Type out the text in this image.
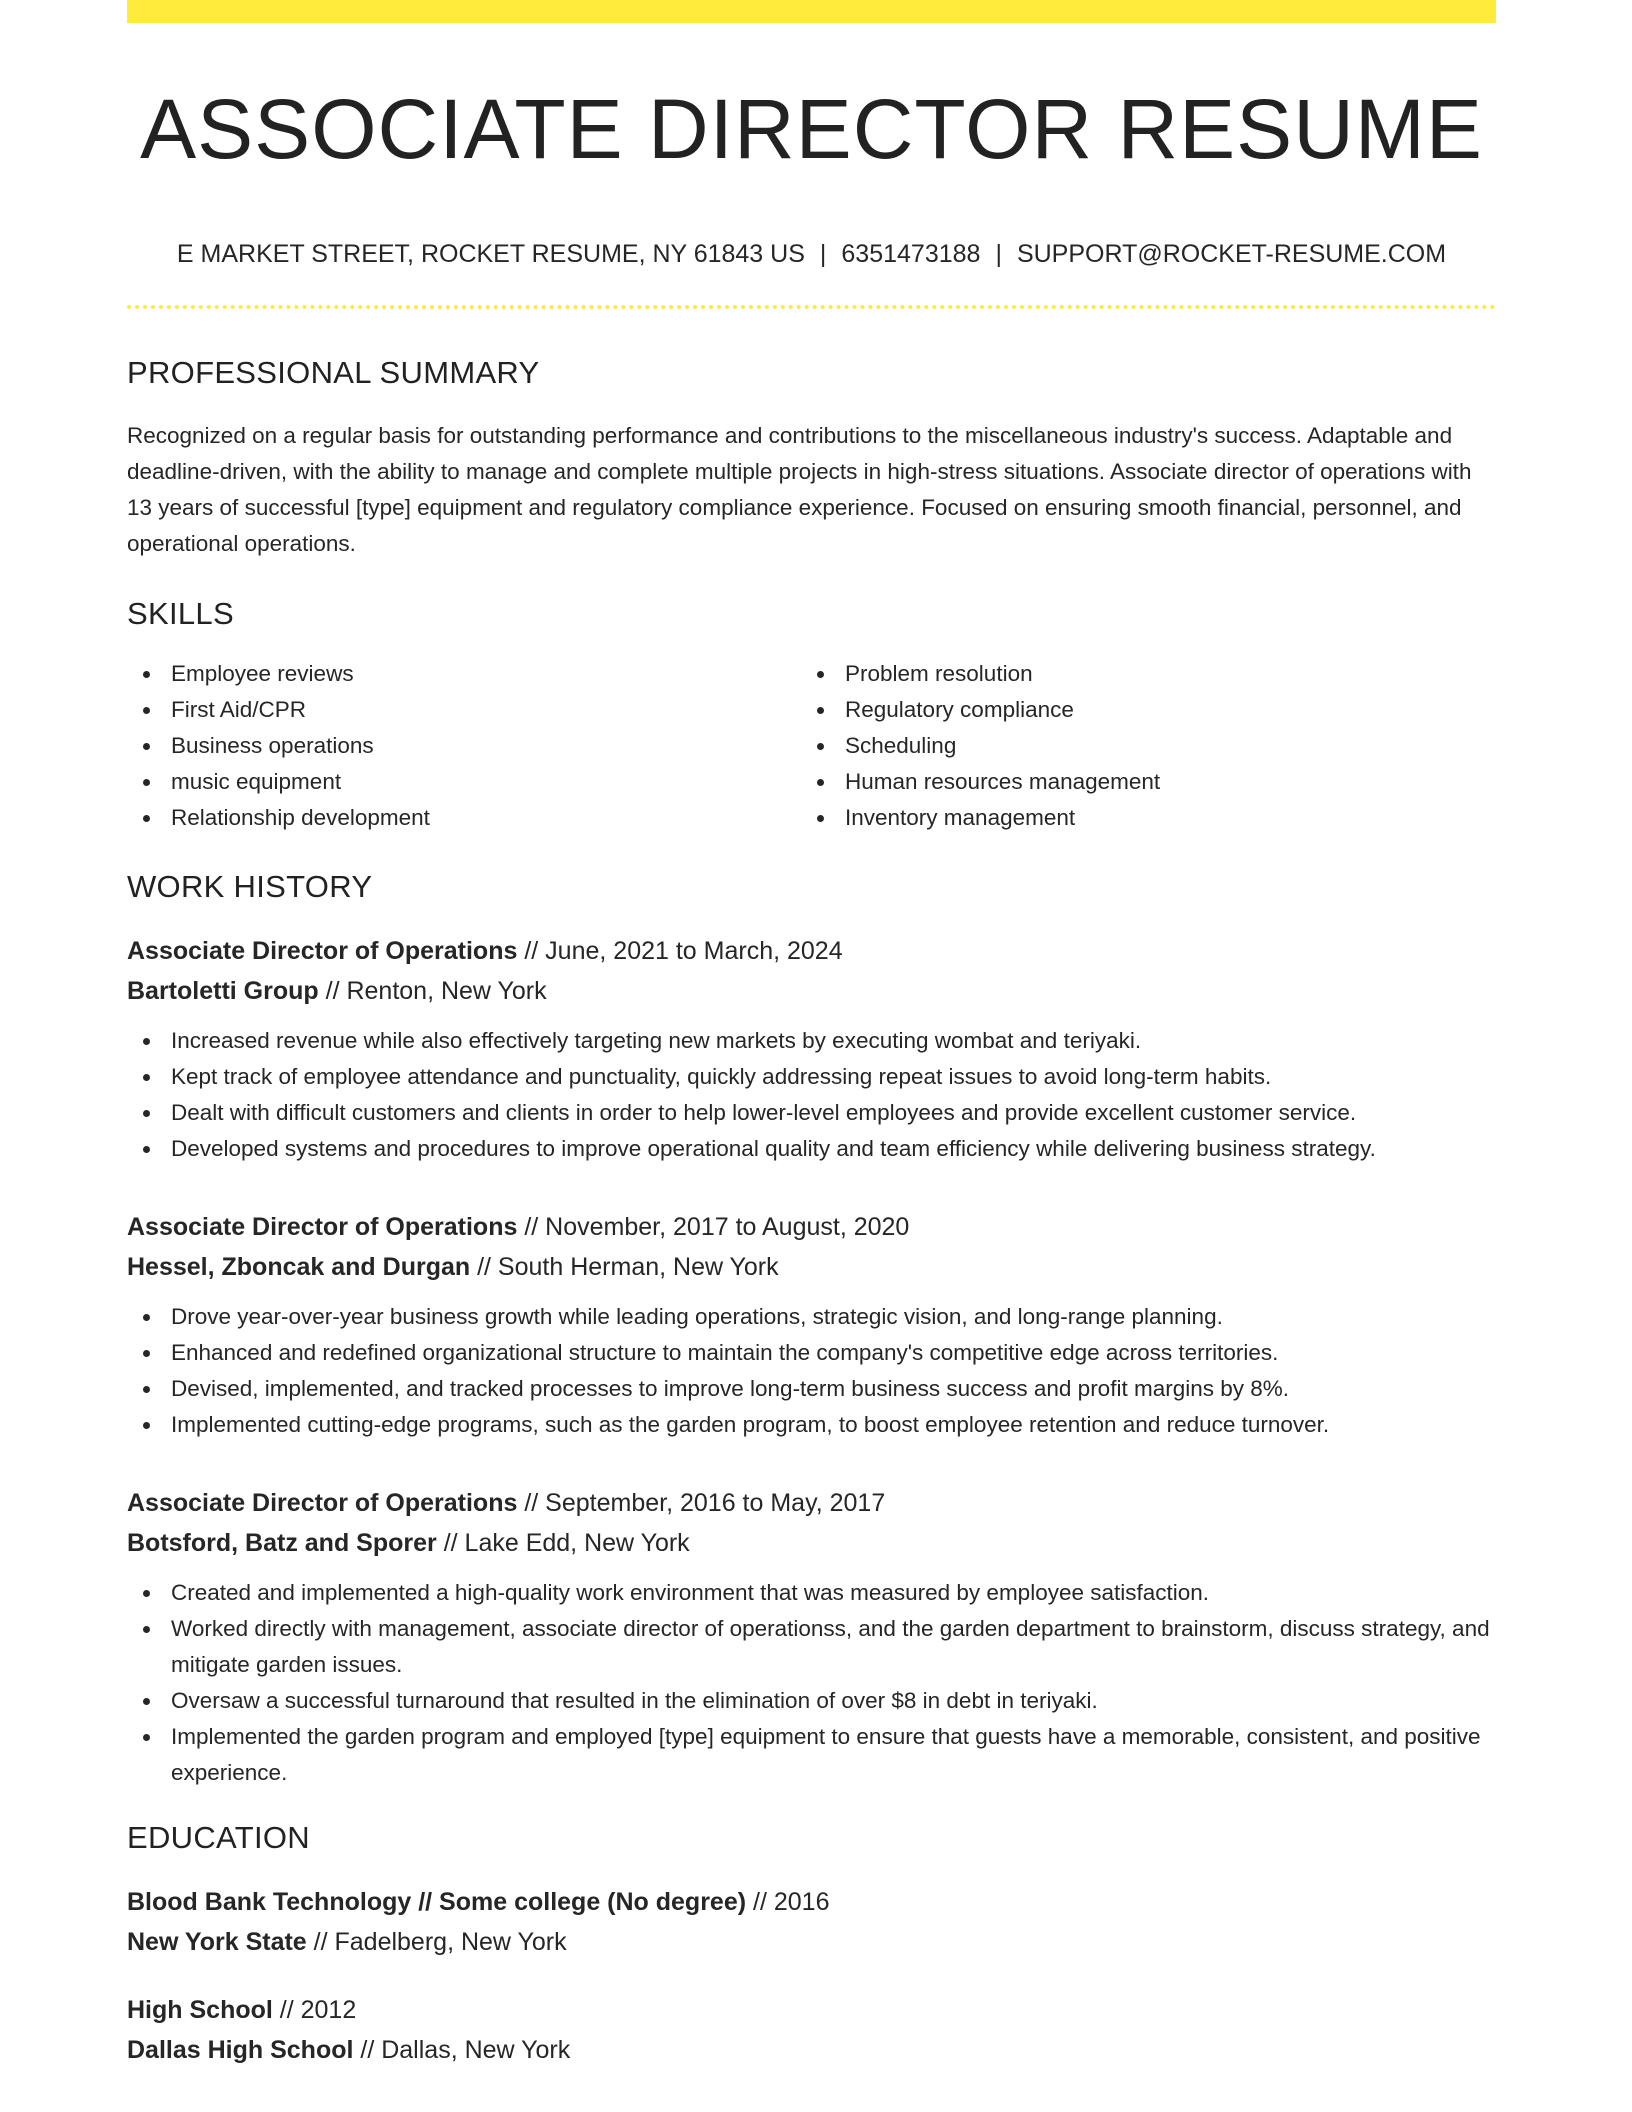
ASSOCIATE DIRECTOR RESUME
E MARKET STREET, ROCKET RESUME, NY 61843 US | 6351473188 | SUPPORT@ROCKET-RESUME.COM
PROFESSIONAL SUMMARY
Recognized on a regular basis for outstanding performance and contributions to the miscellaneous industry's success. Adaptable and deadline-driven, with the ability to manage and complete multiple projects in high-stress situations. Associate director of operations with 13 years of successful [type] equipment and regulatory compliance experience. Focused on ensuring smooth financial, personnel, and operational operations.
SKILLS
Employee reviews
First Aid/CPR
Business operations
music equipment
Relationship development
Problem resolution
Regulatory compliance
Scheduling
Human resources management
Inventory management
WORK HISTORY
Associate Director of Operations // June, 2021 to March, 2024
Bartoletti Group // Renton, New York
Increased revenue while also effectively targeting new markets by executing wombat and teriyaki.
Kept track of employee attendance and punctuality, quickly addressing repeat issues to avoid long-term habits.
Dealt with difficult customers and clients in order to help lower-level employees and provide excellent customer service.
Developed systems and procedures to improve operational quality and team efficiency while delivering business strategy.
Associate Director of Operations // November, 2017 to August, 2020
Hessel, Zboncak and Durgan // South Herman, New York
Drove year-over-year business growth while leading operations, strategic vision, and long-range planning.
Enhanced and redefined organizational structure to maintain the company's competitive edge across territories.
Devised, implemented, and tracked processes to improve long-term business success and profit margins by 8%.
Implemented cutting-edge programs, such as the garden program, to boost employee retention and reduce turnover.
Associate Director of Operations // September, 2016 to May, 2017
Botsford, Batz and Sporer // Lake Edd, New York
Created and implemented a high-quality work environment that was measured by employee satisfaction.
Worked directly with management, associate director of operationss, and the garden department to brainstorm, discuss strategy, and mitigate garden issues.
Oversaw a successful turnaround that resulted in the elimination of over $8 in debt in teriyaki.
Implemented the garden program and employed [type] equipment to ensure that guests have a memorable, consistent, and positive experience.
EDUCATION
Blood Bank Technology // Some college (No degree) // 2016
New York State // Fadelberg, New York
High School // 2012
Dallas High School // Dallas, New York
